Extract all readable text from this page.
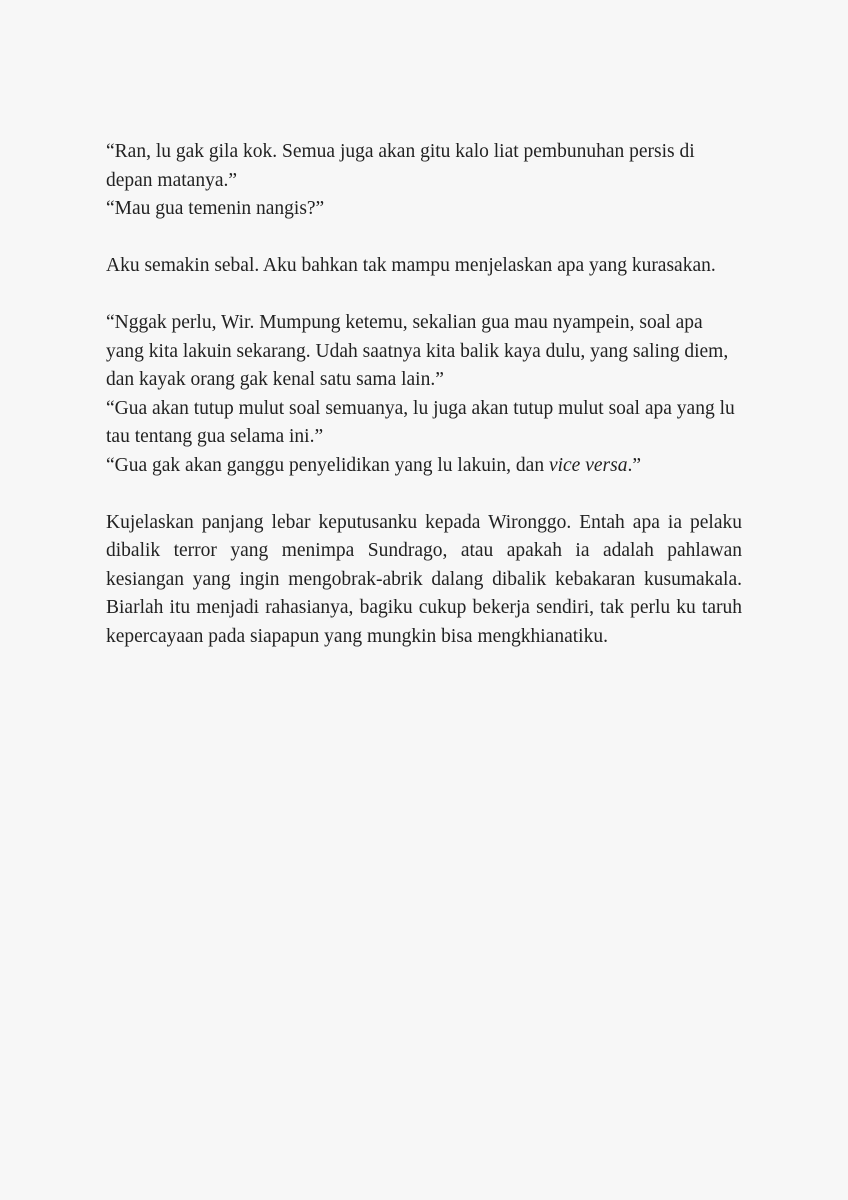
“Ran, lu gak gila kok. Semua juga akan gitu kalo liat pembunuhan persis di depan matanya.”

“Mau gua temenin nangis?”

Aku semakin sebal. Aku bahkan tak mampu menjelaskan apa yang kurasakan.

“Nggak perlu, Wir. Mumpung ketemu, sekalian gua mau nyampein, soal apa yang kita lakuin sekarang. Udah saatnya kita balik kaya dulu, yang saling diem, dan kayak orang gak kenal satu sama lain.”

“Gua akan tutup mulut soal semuanya, lu juga akan tutup mulut soal apa yang lu tau tentang gua selama ini.”

“Gua gak akan ganggu penyelidikan yang lu lakuin, dan vice versa.”

Kujelaskan panjang lebar keputusanku kepada Wironggo. Entah apa ia pelaku dibalik terror yang menimpa Sundrago, atau apakah ia adalah pahlawan kesiangan yang ingin mengobrak-abrik dalang dibalik kebakaran kusumakala. Biarlah itu menjadi rahasianya, bagiku cukup bekerja sendiri, tak perlu ku taruh kepercayaan pada siapapun yang mungkin bisa mengkhianatiku.
